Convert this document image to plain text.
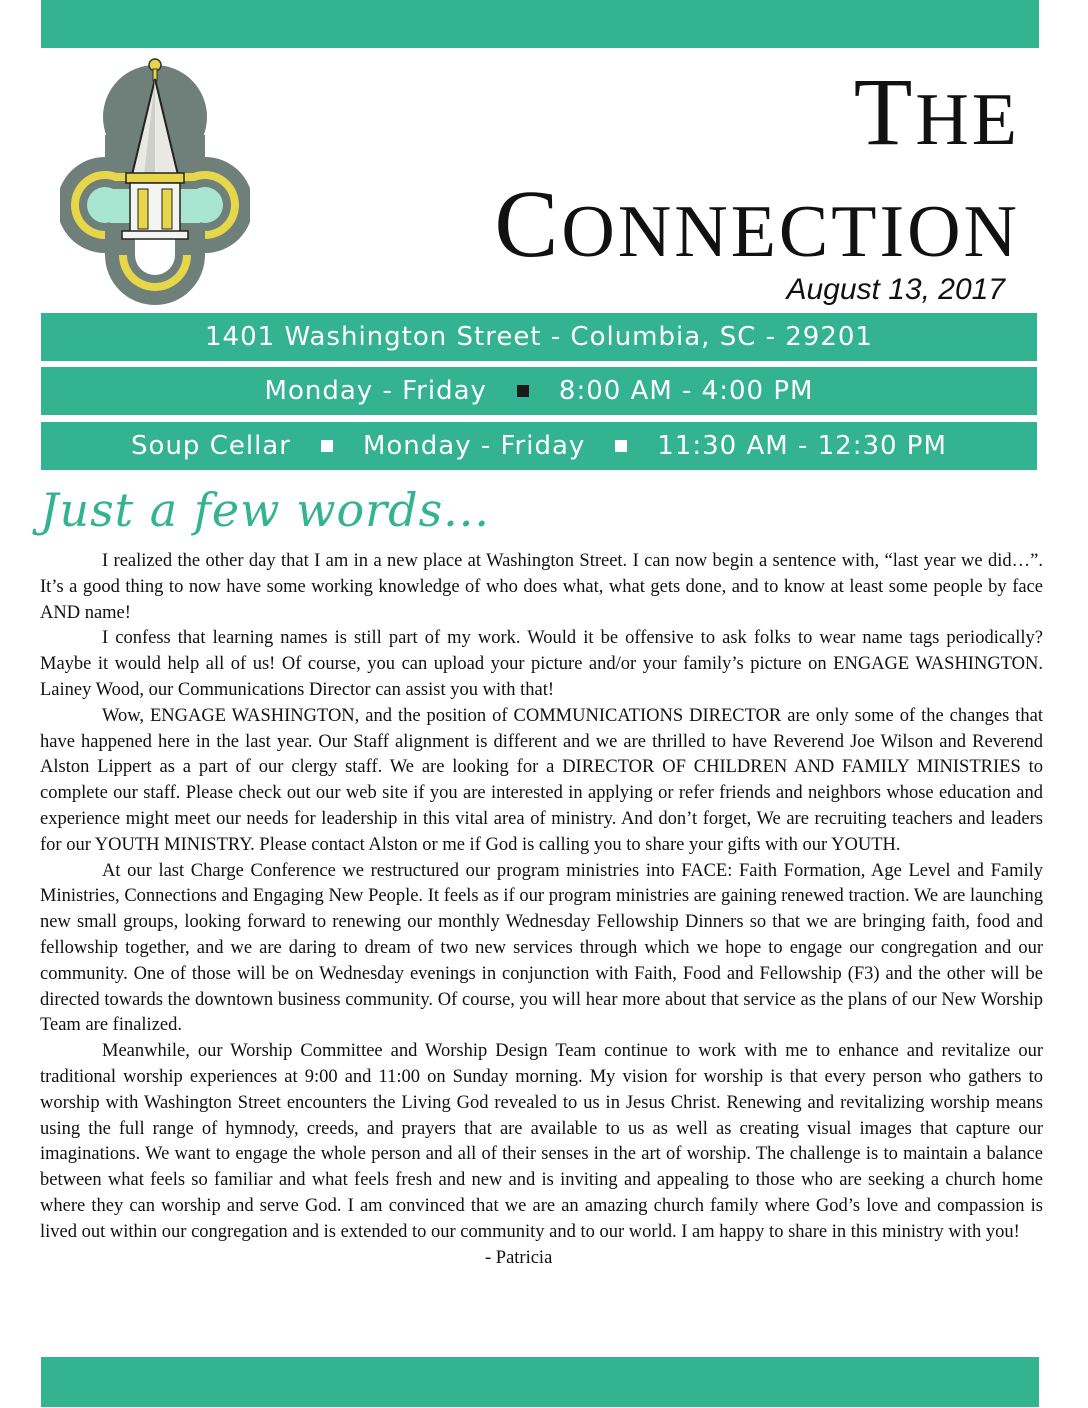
THE
CONNECTION
August 13, 2017
1401 Washington Street - Columbia, SC - 29201
Monday - Friday	8:00 AM - 4:00 PM
Soup Cellar	Monday - Friday	11:30 AM - 12:30 PM
Just a few words...

I realized the other day that I am in a new place at Washington Street. I can now begin a sentence with, “last year we did…”. It’s a good thing to now have some working knowledge of who does what, what gets done, and to know at least some people by face AND name!

I confess that learning names is still part of my work. Would it be offensive to ask folks to wear name tags periodically? Maybe it would help all of us! Of course, you can upload your picture and/or your family’s picture on ENGAGE WASHINGTON. Lainey Wood, our Communications Director can assist you with that!

Wow, ENGAGE WASHINGTON, and the position of COMMUNICATIONS DIRECTOR are only some of the changes that have happened here in the last year. Our Staff alignment is different and we are thrilled to have Reverend Joe Wilson and Reverend Alston Lippert as a part of our clergy staff. We are looking for a DIRECTOR OF CHILDREN AND FAMILY MINISTRIES to complete our staff. Please check out our web site if you are interested in applying or refer friends and neighbors whose education and experience might meet our needs for leadership in this vital area of ministry. And don’t forget, We are recruiting teachers and leaders for our YOUTH MINISTRY. Please contact Alston or me if God is calling you to share your gifts with our YOUTH.

At our last Charge Conference we restructured our program ministries into FACE: Faith Formation, Age Level and Family Ministries, Connections and Engaging New People. It feels as if our program ministries are gaining renewed traction. We are launching new small groups, looking forward to renewing our monthly Wednesday Fellowship Dinners so that we are bringing faith, food and fellowship together, and we are daring to dream of two new services through which we hope to engage our congregation and our community. One of those will be on Wednesday evenings in conjunction with Faith, Food and Fellowship (F3) and the other will be directed towards the downtown business community. Of course, you will hear more about that service as the plans of our New Worship Team are finalized.

Meanwhile, our Worship Committee and Worship Design Team continue to work with me to enhance and revitalize our traditional worship experiences at 9:00 and 11:00 on Sunday morning. My vision for worship is that every person who gathers to worship with Washington Street encounters the Living God revealed to us in Jesus Christ. Renewing and revitalizing worship means using the full range of hymnody, creeds, and prayers that are available to us as well as creating visual images that capture our imaginations. We want to engage the whole person and all of their senses in the art of worship. The challenge is to maintain a balance between what feels so familiar and what feels fresh and new and is inviting and appealing to those who are seeking a church home where they can worship and serve God. I am convinced that we are an amazing church family where God’s love and compassion is lived out within our congregation and is extended to our community and to our world. I am happy to share in this ministry with you!

- Patricia
